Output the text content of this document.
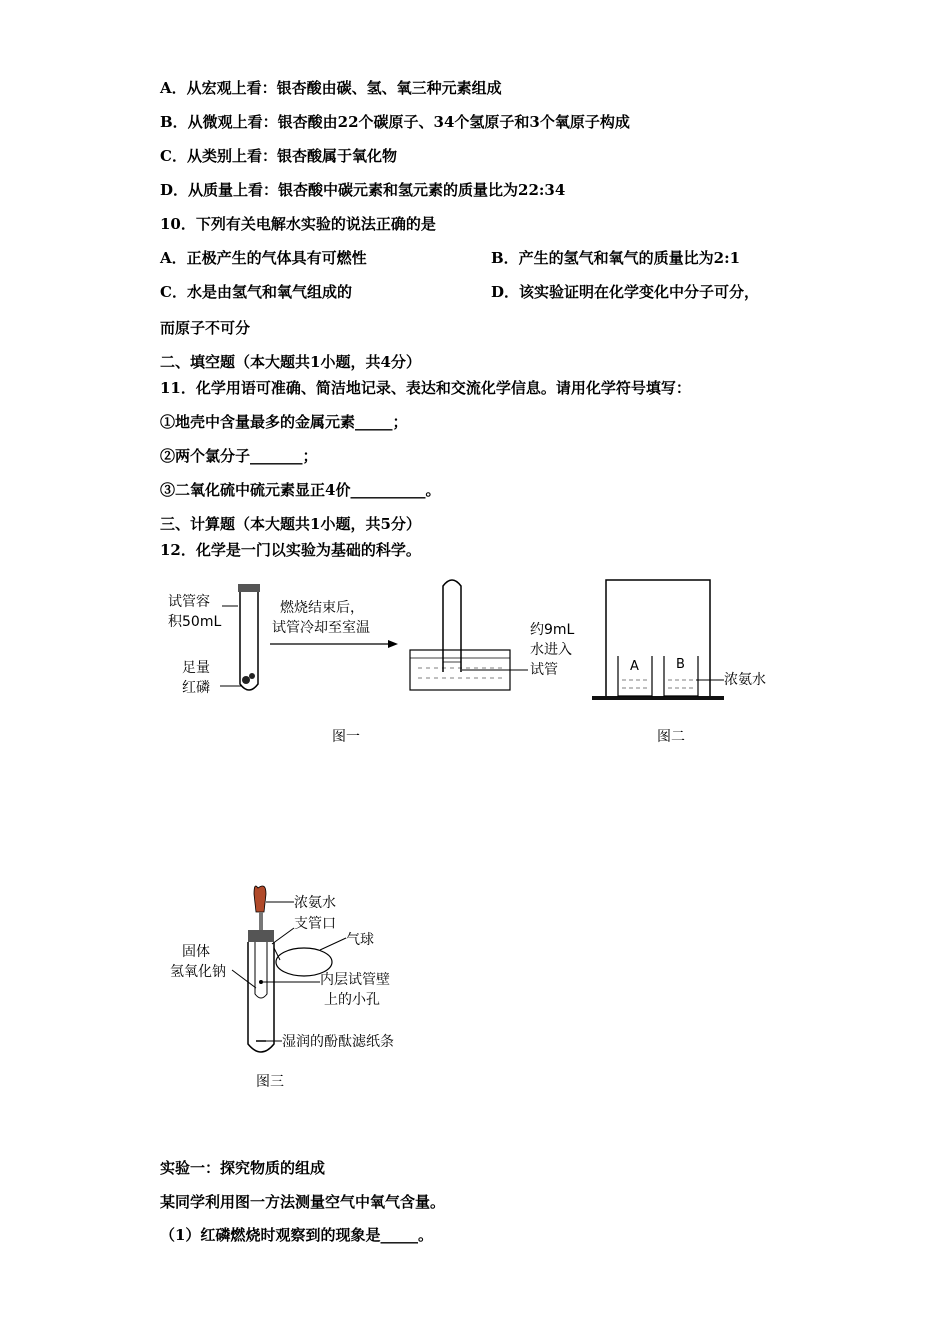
A．从宏观上看：银杏酸由碳、氢、氧三种元素组成
B．从微观上看：银杏酸由22个碳原子、34个氢原子和3个氧原子构成
C．从类别上看：银杏酸属于氧化物
D．从质量上看：银杏酸中碳元素和氢元素的质量比为22:34
10．下列有关电解水实验的说法正确的是
A．正极产生的气体具有可燃性	B．产生的氢气和氧气的质量比为2:1
C．水是由氢气和氧气组成的	D．该实验证明在化学变化中分子可分，
而原子不可分
二、填空题（本大题共1小题，共4分）
11．化学用语可准确、简洁地记录、表达和交流化学信息。请用化学符号填写：
①地壳中含量最多的金属元素_____；
②两个氯分子_______；
③二氧化硫中硫元素显正4价__________。
三、计算题（本大题共1小题，共5分）
12．化学是一门以实验为基础的科学。
试管容
积50mL
足量
红磷
燃烧结束后，
试管冷却至室温	约9mL
水进入
试管
图一
A	B
浓氨水
图二
浓氨水
支管口
气球
固体
氢氧化钠	内层试管壁
上的小孔
湿润的酚酞滤纸条
图三
实验一：探究物质的组成
某同学利用图一方法测量空气中氧气含量。
（1）红磷燃烧时观察到的现象是_____。
